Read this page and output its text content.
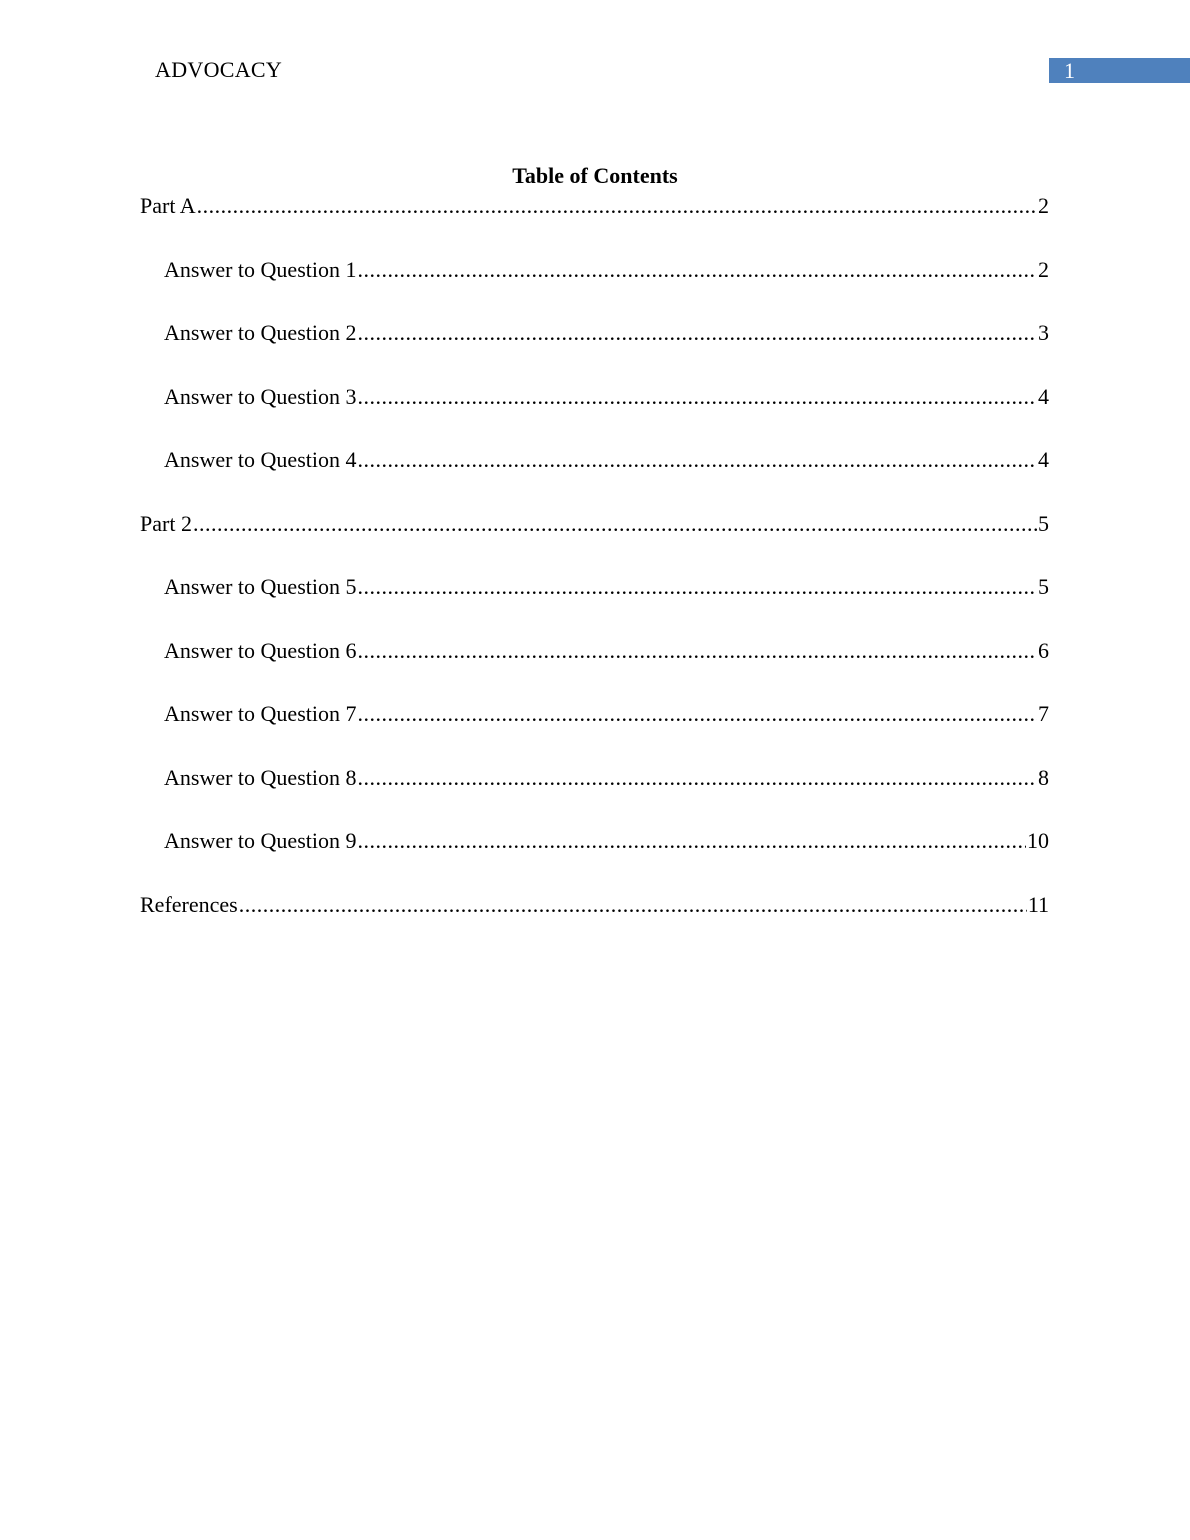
ADVOCACY	1
Table of Contents
Part A .....	2
Answer to Question 1 .....	2
Answer to Question 2 .....	3
Answer to Question 3 .....	4
Answer to Question 4 .....	4
Part 2 .....	5
Answer to Question 5 .....	5
Answer to Question 6 .....	6
Answer to Question 7 .....	7
Answer to Question 8 .....	8
Answer to Question 9 .....	10
References .....	11
